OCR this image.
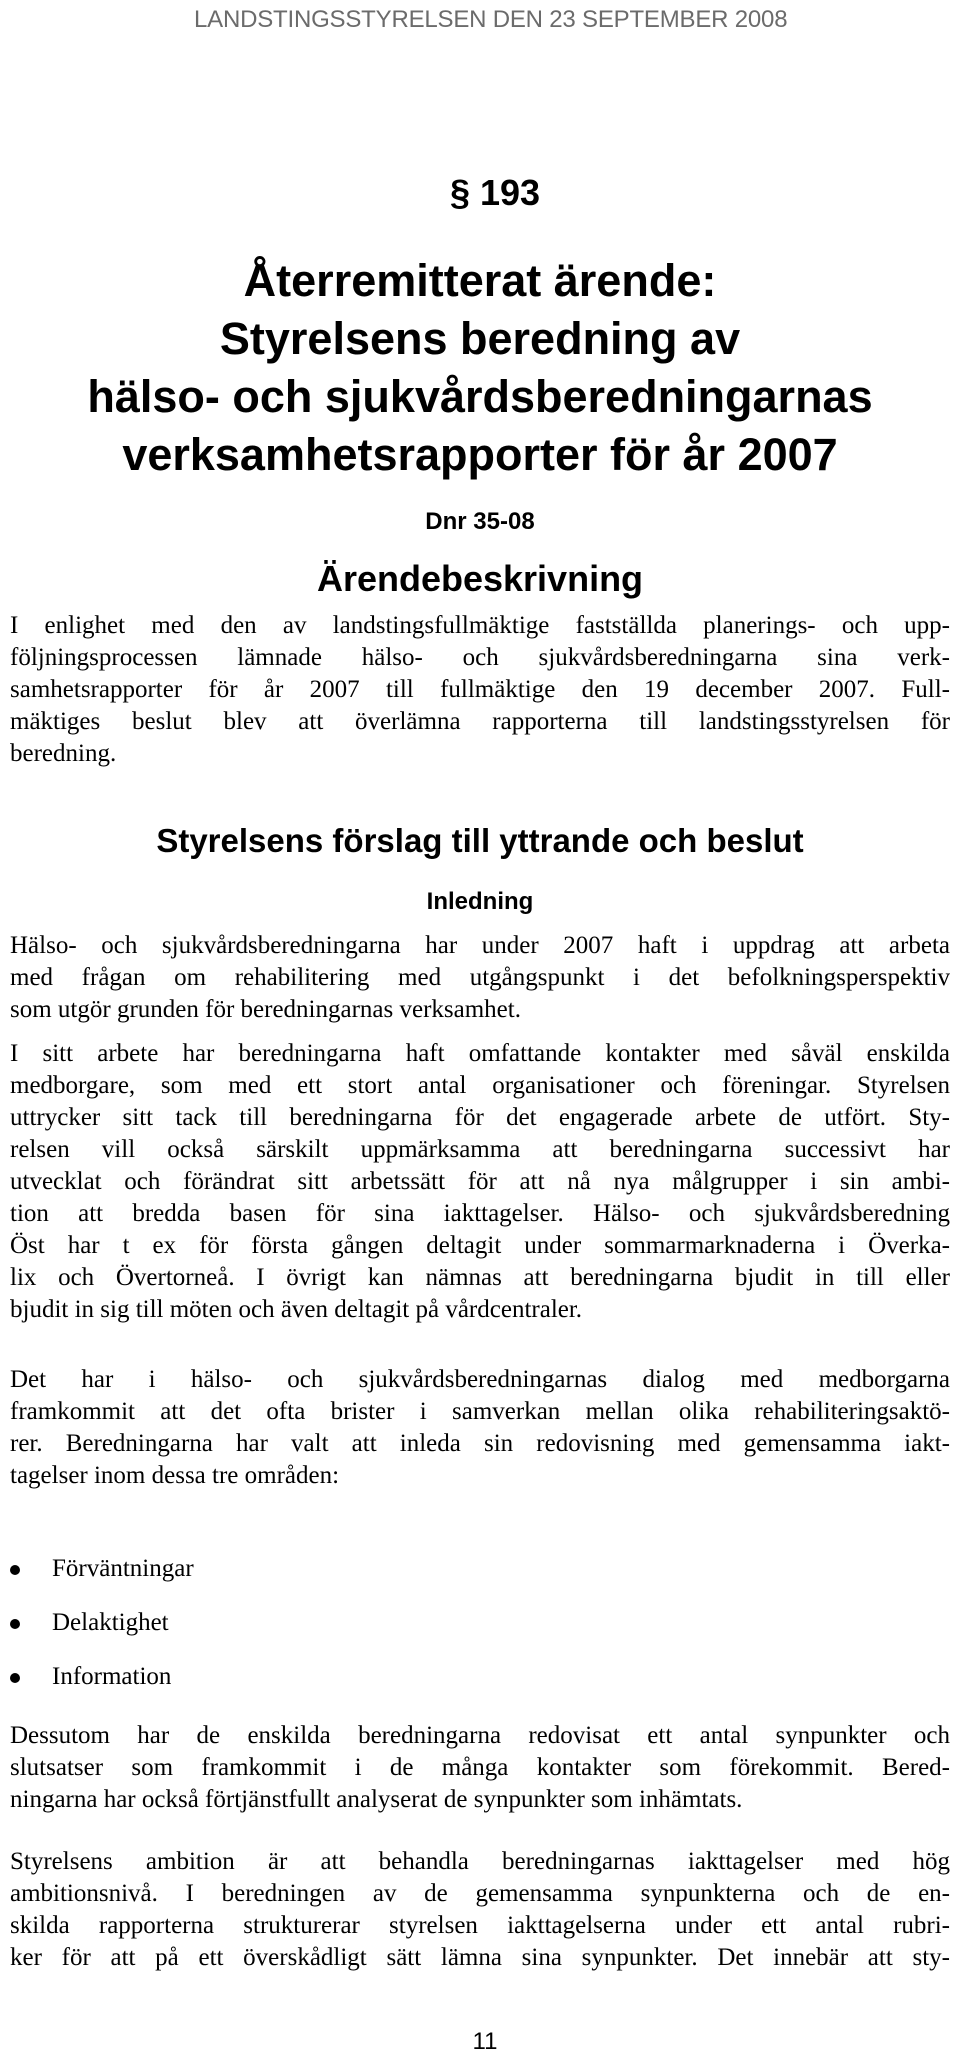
LANDSTINGSSTYRELSEN DEN 23 SEPTEMBER 2008
§ 193
Återremitterat ärende:
Styrelsens beredning av
hälso- och sjukvårdsberedningarnas
verksamhetsrapporter för år 2007
Dnr 35-08
Ärendebeskrivning
I enlighet med den av landstingsfullmäktige fastställda planerings- och upp-
följningsprocessen lämnade hälso- och sjukvårdsberedningarna sina verk-
samhetsrapporter för år 2007 till fullmäktige den 19 december 2007. Full-
mäktiges beslut blev att överlämna rapporterna till landstingsstyrelsen för
beredning.
Styrelsens förslag till yttrande och beslut
Inledning
Hälso- och sjukvårdsberedningarna har under 2007 haft i uppdrag att arbeta
med frågan om rehabilitering med utgångspunkt i det befolkningsperspektiv
som utgör grunden för beredningarnas verksamhet.
I sitt arbete har beredningarna haft omfattande kontakter med såväl enskilda
medborgare, som med ett stort antal organisationer och föreningar. Styrelsen
uttrycker sitt tack till beredningarna för det engagerade arbete de utfört. Sty-
relsen vill också särskilt uppmärksamma att beredningarna successivt har
utvecklat och förändrat sitt arbetssätt för att nå nya målgrupper i sin ambi-
tion att bredda basen för sina iakttagelser. Hälso- och sjukvårdsberedning
Öst har t ex för första gången deltagit under sommarmarknaderna i Överka-
lix och Övertorneå. I övrigt kan nämnas att beredningarna bjudit in till eller
bjudit in sig till möten och även deltagit på vårdcentraler.
Det har i hälso- och sjukvårdsberedningarnas dialog med medborgarna
framkommit att det ofta brister i samverkan mellan olika rehabiliteringsaktö-
rer. Beredningarna har valt att inleda sin redovisning med gemensamma iakt-
tagelser inom dessa tre områden:
Förväntningar
Delaktighet
Information
Dessutom har de enskilda beredningarna redovisat ett antal synpunkter och
slutsatser som framkommit i de många kontakter som förekommit. Bered-
ningarna har också förtjänstfullt analyserat de synpunkter som inhämtats.
Styrelsens ambition är att behandla beredningarnas iakttagelser med hög
ambitionsnivå. I beredningen av de gemensamma synpunkterna och de en-
skilda rapporterna strukturerar styrelsen iakttagelserna under ett antal rubri-
ker för att på ett överskådligt sätt lämna sina synpunkter. Det innebär att sty-
11
